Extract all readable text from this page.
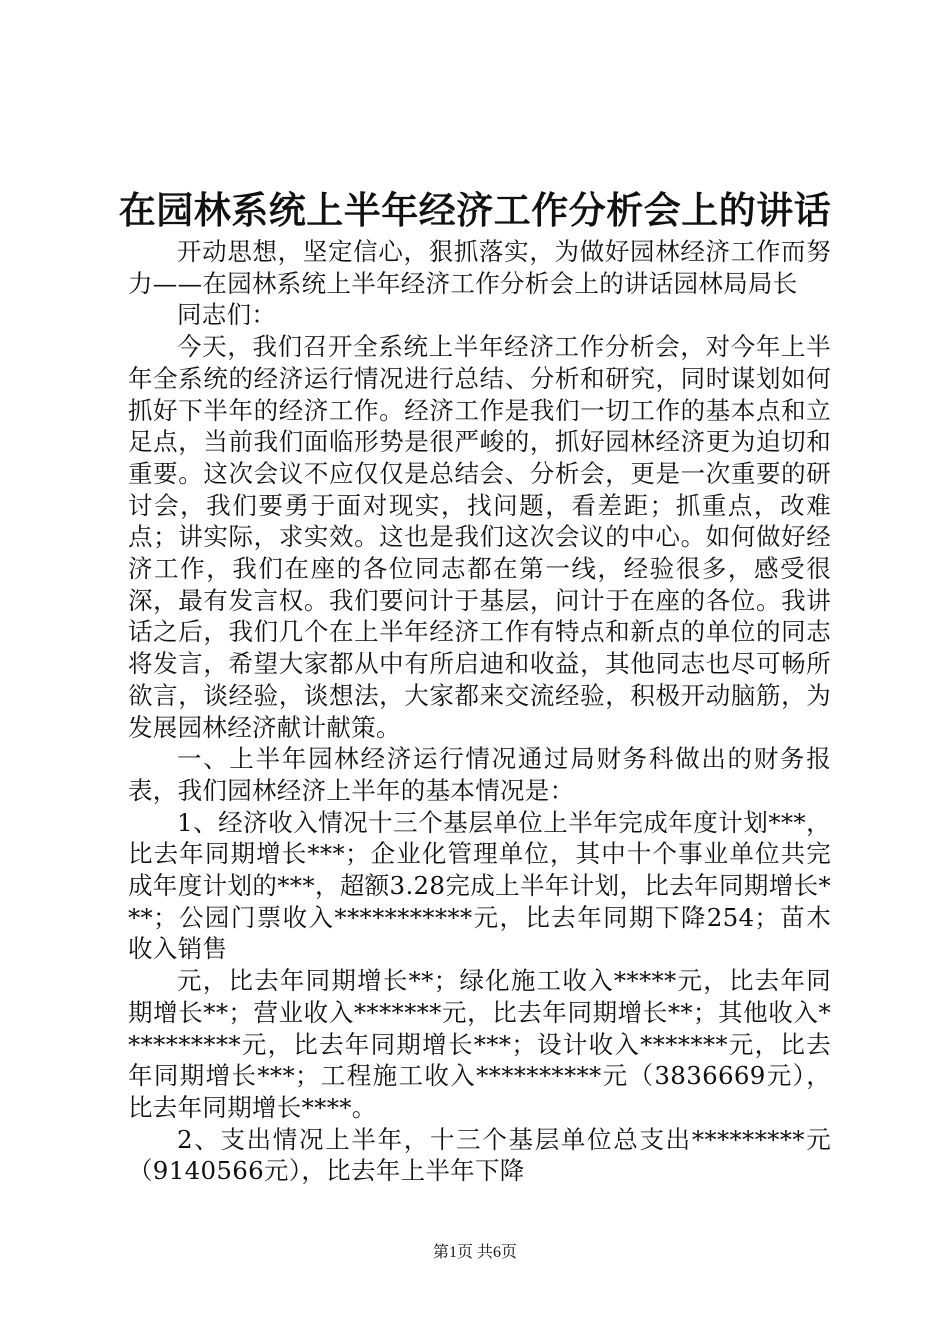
在园林系统上半年经济工作分析会上的讲话

开动思想，坚定信心，狠抓落实，为做好园林经济工作而努力——在园林系统上半年经济工作分析会上的讲话园林局局长

同志们：

今天，我们召开全系统上半年经济工作分析会，对今年上半年全系统的经济运行情况进行总结、分析和研究，同时谋划如何抓好下半年的经济工作。经济工作是我们一切工作的基本点和立足点，当前我们面临形势是很严峻的，抓好园林经济更为迫切和重要。这次会议不应仅仅是总结会、分析会，更是一次重要的研讨会，我们要勇于面对现实，找问题，看差距；抓重点，改难点；讲实际，求实效。这也是我们这次会议的中心。如何做好经济工作，我们在座的各位同志都在第一线，经验很多，感受很深，最有发言权。我们要问计于基层，问计于在座的各位。我讲话之后，我们几个在上半年经济工作有特点和新点的单位的同志将发言，希望大家都从中有所启迪和收益，其他同志也尽可畅所欲言，谈经验，谈想法，大家都来交流经验，积极开动脑筋，为发展园林经济献计献策。

一、上半年园林经济运行情况通过局财务科做出的财务报表，我们园林经济上半年的基本情况是：

1、经济收入情况十三个基层单位上半年完成年度计划***，比去年同期增长***；企业化管理单位，其中十个事业单位共完成年度计划的***，超额3.28完成上半年计划，比去年同期增长***；公园门票收入***********元，比去年同期下降254；苗木收入销售

元，比去年同期增长**；绿化施工收入*****元，比去年同期增长**；营业收入*******元，比去年同期增长**；其他收入**********元，比去年同期增长***；设计收入*******元，比去年同期增长***；工程施工收入**********元（3836669元），比去年同期增长****。

2、支出情况上半年，十三个基层单位总支出*********元（9140566元），比去年上半年下降

第1页 共6页
